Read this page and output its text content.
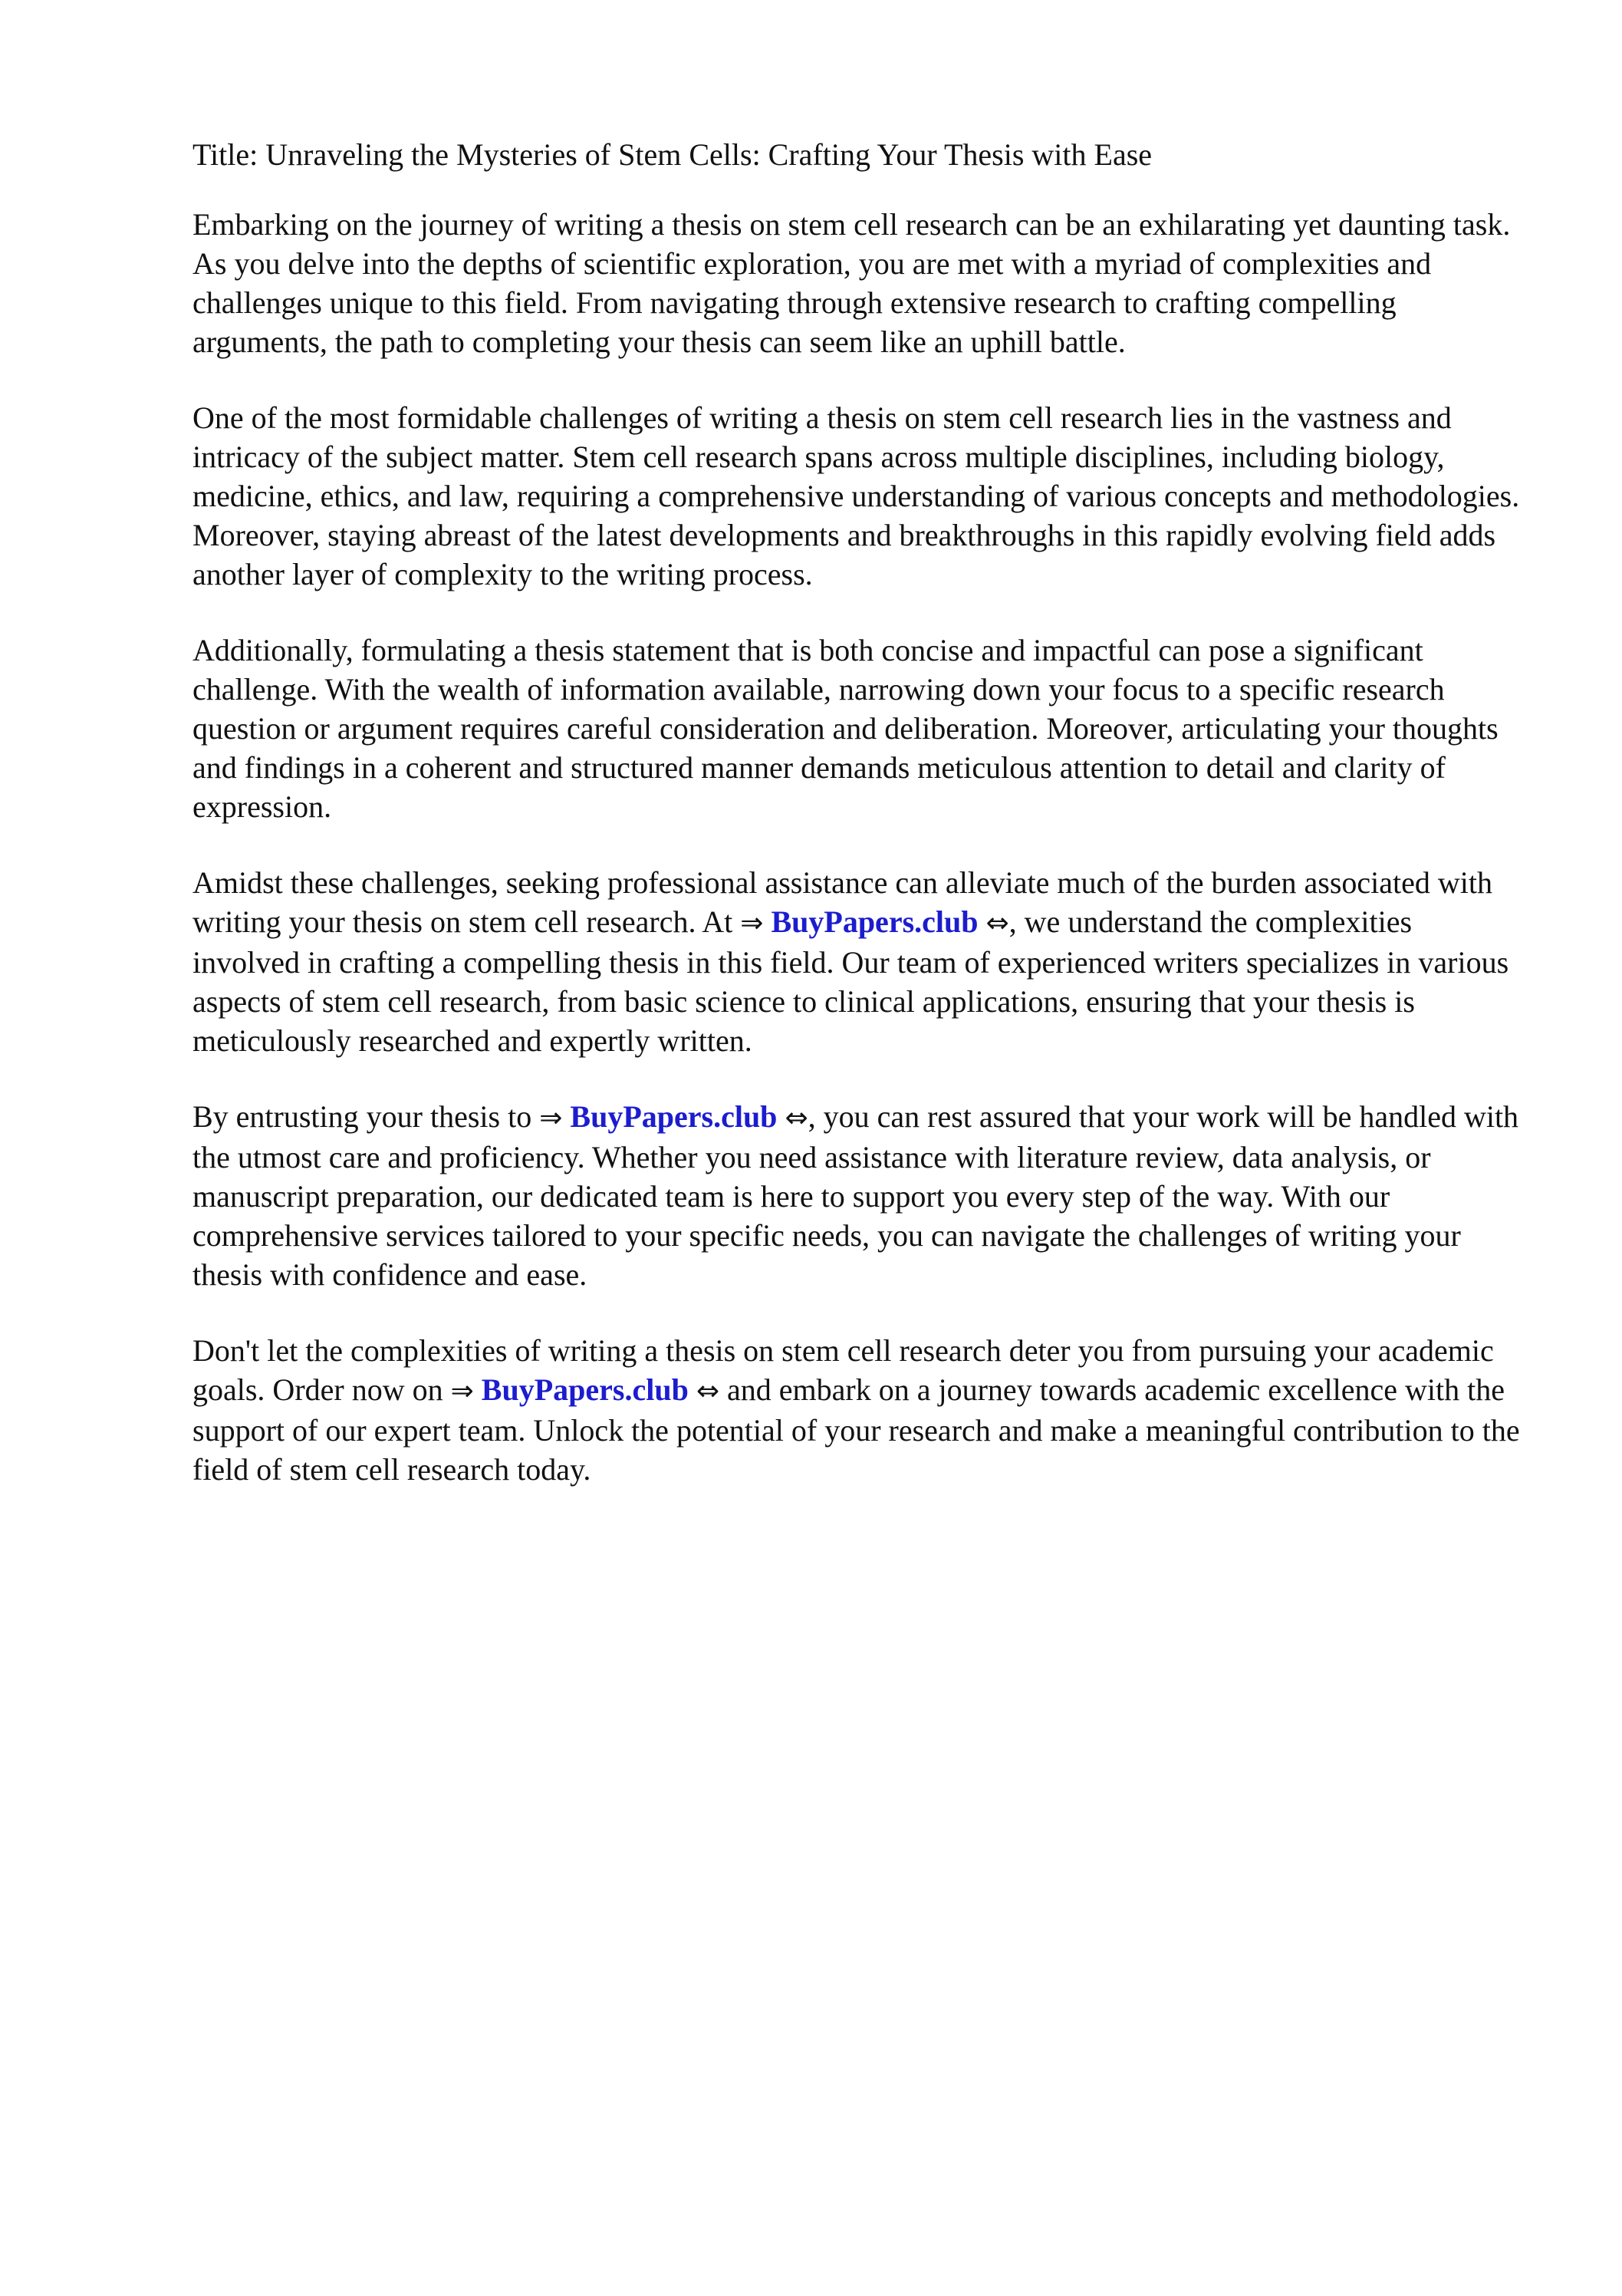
Title: Unraveling the Mysteries of Stem Cells: Crafting Your Thesis with Ease

Embarking on the journey of writing a thesis on stem cell research can be an exhilarating yet daunting task. As you delve into the depths of scientific exploration, you are met with a myriad of complexities and challenges unique to this field. From navigating through extensive research to crafting compelling arguments, the path to completing your thesis can seem like an uphill battle.

One of the most formidable challenges of writing a thesis on stem cell research lies in the vastness and intricacy of the subject matter. Stem cell research spans across multiple disciplines, including biology, medicine, ethics, and law, requiring a comprehensive understanding of various concepts and methodologies. Moreover, staying abreast of the latest developments and breakthroughs in this rapidly evolving field adds another layer of complexity to the writing process.

Additionally, formulating a thesis statement that is both concise and impactful can pose a significant challenge. With the wealth of information available, narrowing down your focus to a specific research question or argument requires careful consideration and deliberation. Moreover, articulating your thoughts and findings in a coherent and structured manner demands meticulous attention to detail and clarity of expression.

Amidst these challenges, seeking professional assistance can alleviate much of the burden associated with writing your thesis on stem cell research. At ⇒ BuyPapers.club ⇔, we understand the complexities involved in crafting a compelling thesis in this field. Our team of experienced writers specializes in various aspects of stem cell research, from basic science to clinical applications, ensuring that your thesis is meticulously researched and expertly written.

By entrusting your thesis to ⇒ BuyPapers.club ⇔, you can rest assured that your work will be handled with the utmost care and proficiency. Whether you need assistance with literature review, data analysis, or manuscript preparation, our dedicated team is here to support you every step of the way. With our comprehensive services tailored to your specific needs, you can navigate the challenges of writing your thesis with confidence and ease.

Don't let the complexities of writing a thesis on stem cell research deter you from pursuing your academic goals. Order now on ⇒ BuyPapers.club ⇔ and embark on a journey towards academic excellence with the support of our expert team. Unlock the potential of your research and make a meaningful contribution to the field of stem cell research today.
